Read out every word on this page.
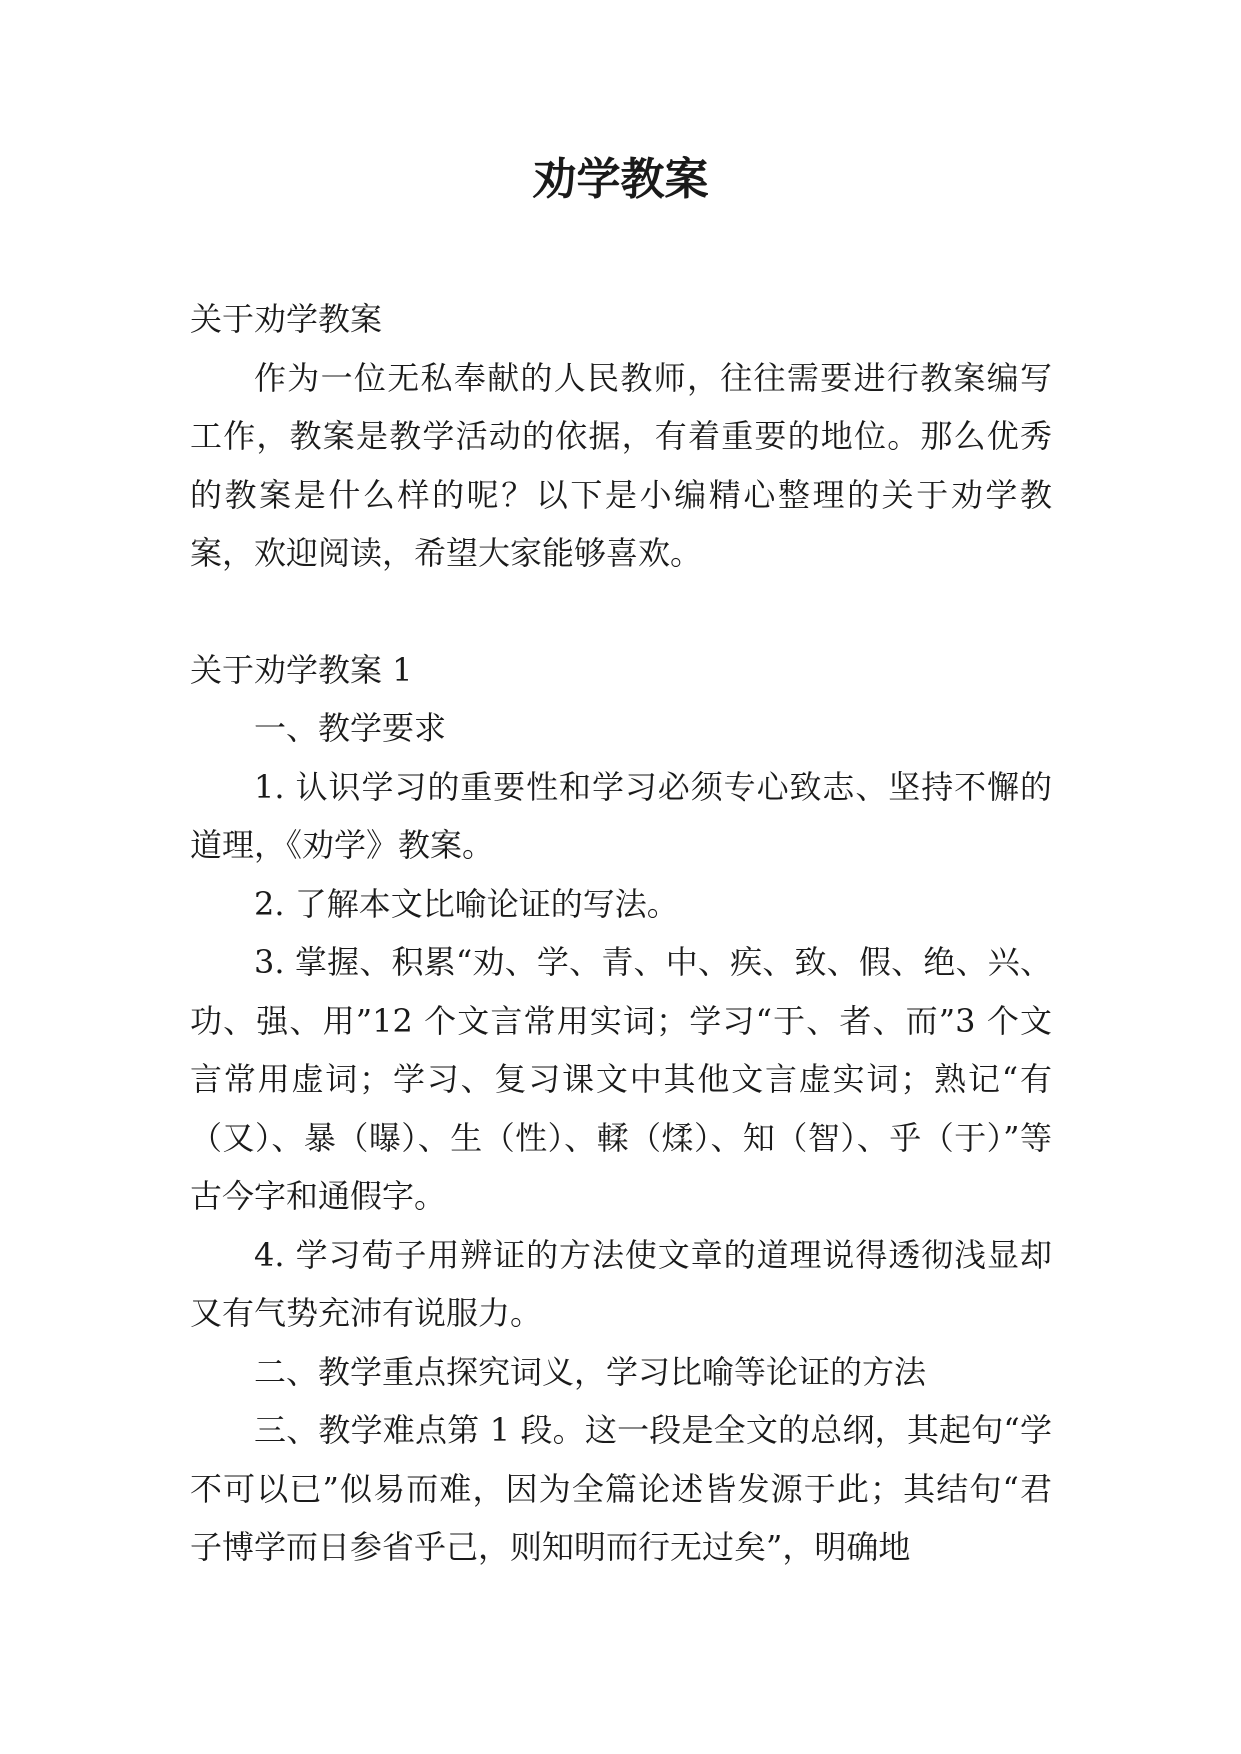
劝学教案

关于劝学教案

作为一位无私奉献的人民教师，往往需要进行教案编写工作，教案是教学活动的依据，有着重要的地位。那么优秀的教案是什么样的呢？以下是小编精心整理的关于劝学教案，欢迎阅读，希望大家能够喜欢。

关于劝学教案 1

一、教学要求

1. 认识学习的重要性和学习必须专心致志、坚持不懈的道理，《劝学》教案。

2. 了解本文比喻论证的写法。

3. 掌握、积累“劝、学、青、中、疾、致、假、绝、兴、功、强、用”12 个文言常用实词；学习“于、者、而”3 个文言常用虚词；学习、复习课文中其他文言虚实词；熟记“有（又）、暴（曝）、生（性）、輮（煣）、知（智）、乎（于）”等古今字和通假字。

4. 学习荀子用辨证的方法使文章的道理说得透彻浅显却又有气势充沛有说服力。

二、教学重点探究词义，学习比喻等论证的方法

三、教学难点第 1 段。这一段是全文的总纲，其起句“学不可以已”似易而难，因为全篇论述皆发源于此；其结句“君子博学而日参省乎己，则知明而行无过矣”，明确地
